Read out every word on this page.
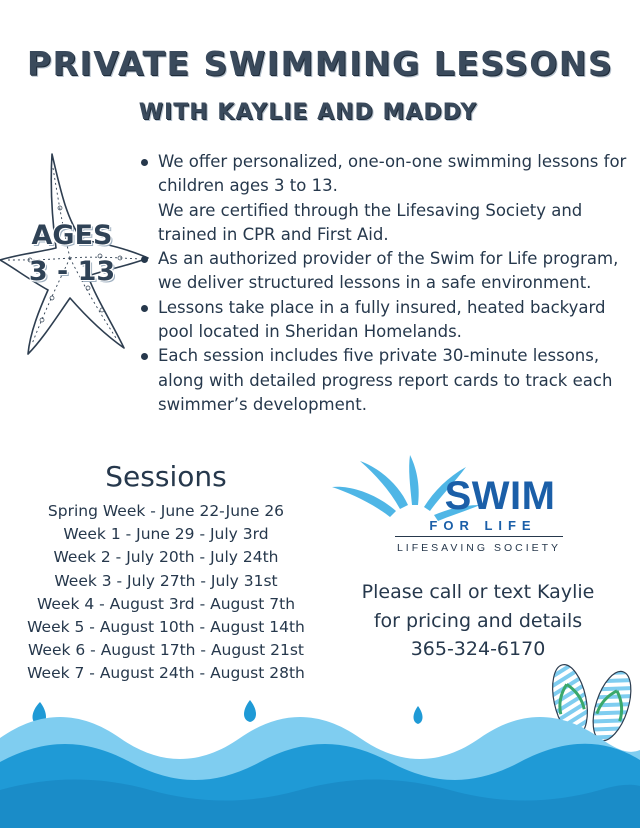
PRIVATE SWIMMING LESSONS
WITH KAYLIE AND MADDY
AGES
3 - 13
We offer personalized, one-on-one swimming lessons for children ages 3 to 13.
We are certified through the Lifesaving Society and trained in CPR and First Aid.
As an authorized provider of the Swim for Life program, we deliver structured lessons in a safe environment.
Lessons take place in a fully insured, heated backyard pool located in Sheridan Homelands.
Each session includes five private 30-minute lessons, along with detailed progress report cards to track each swimmer’s development.
Sessions
Spring Week - June 22-June 26
Week 1 - June 29 - July 3rd
Week 2 - July 20th - July 24th
Week 3 - July 27th - July 31st
Week 4 - August 3rd - August 7th
Week 5 - August 10th - August 14th
Week 6 - August 17th - August 21st
Week 7 - August 24th - August 28th
SWIM
FOR LIFE
LIFESAVING SOCIETY
Please call or text Kaylie
for pricing and details
365-324-6170
